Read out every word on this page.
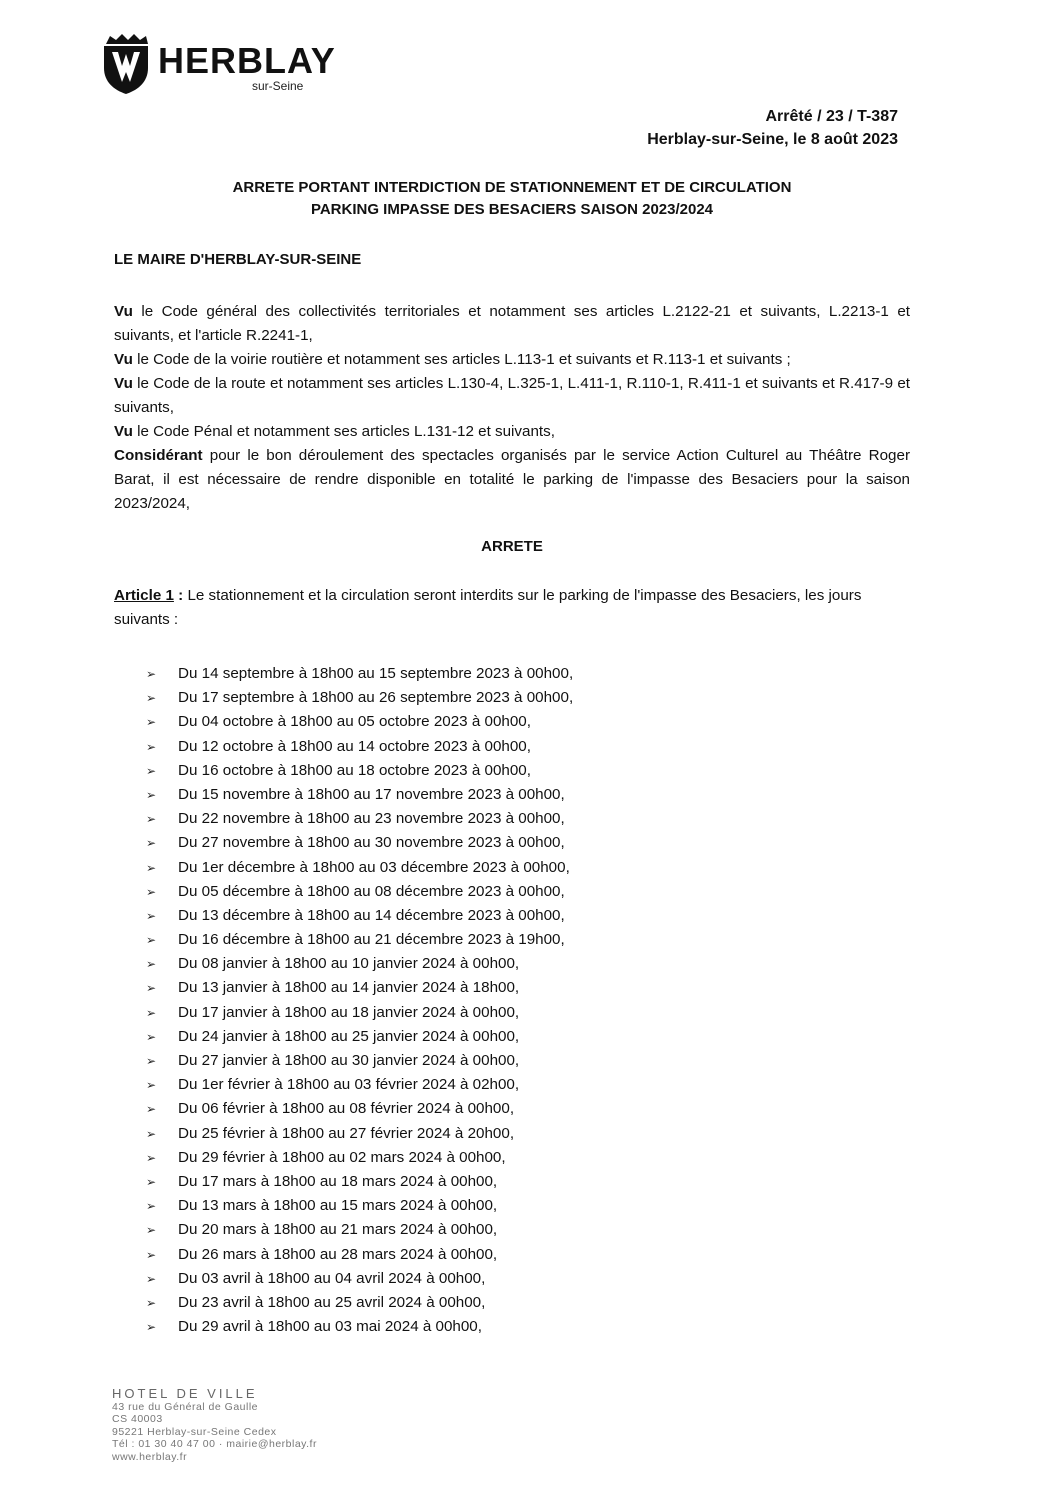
HERBLAY
sur-Seine
Arrêté / 23 / T-387
Herblay-sur-Seine, le 8 août 2023
ARRETE PORTANT INTERDICTION DE STATIONNEMENT ET DE CIRCULATION
PARKING IMPASSE DES BESACIERS SAISON 2023/2024
LE MAIRE D'HERBLAY-SUR-SEINE

Vu le Code général des collectivités territoriales et notamment ses articles L.2122-21 et suivants, L.2213-1 et suivants, et l'article R.2241-1,

Vu le Code de la voirie routière et notamment ses articles L.113-1 et suivants et R.113-1 et suivants ;

Vu le Code de la route et notamment ses articles L.130-4, L.325-1, L.411-1, R.110-1, R.411-1 et suivants et R.417-9 et suivants,

Vu le Code Pénal et notamment ses articles L.131-12 et suivants,

Considérant pour le bon déroulement des spectacles organisés par le service Action Culturel au Théâtre Roger Barat, il est nécessaire de rendre disponible en totalité le parking de l'impasse des Besaciers pour la saison 2023/2024,

ARRETE
Article 1 : Le stationnement et la circulation seront interdits sur le parking de l'impasse des Besaciers, les jours suivants :
➢ Du 14 septembre à 18h00 au 15 septembre 2023 à 00h00,
➢ Du 17 septembre à 18h00 au 26 septembre 2023 à 00h00,
➢ Du 04 octobre à 18h00 au 05 octobre 2023 à 00h00,
➢ Du 12 octobre à 18h00 au 14 octobre 2023 à 00h00,
➢ Du 16 octobre à 18h00 au 18 octobre 2023 à 00h00,
➢ Du 15 novembre à 18h00 au 17 novembre 2023 à 00h00,
➢ Du 22 novembre à 18h00 au 23 novembre 2023 à 00h00,
➢ Du 27 novembre à 18h00 au 30 novembre 2023 à 00h00,
➢ Du 1er décembre à 18h00 au 03 décembre 2023 à 00h00,
➢ Du 05 décembre à 18h00 au 08 décembre 2023 à 00h00,
➢ Du 13 décembre à 18h00 au 14 décembre 2023 à 00h00,
➢ Du 16 décembre à 18h00 au 21 décembre 2023 à 19h00,
➢ Du 08 janvier à 18h00 au 10 janvier 2024 à 00h00,
➢ Du 13 janvier à 18h00 au 14 janvier 2024 à 18h00,
➢ Du 17 janvier à 18h00 au 18 janvier 2024 à 00h00,
➢ Du 24 janvier à 18h00 au 25 janvier 2024 à 00h00,
➢ Du 27 janvier à 18h00 au 30 janvier 2024 à 00h00,
➢ Du 1er février à 18h00 au 03 février 2024 à 02h00,
➢ Du 06 février à 18h00 au 08 février 2024 à 00h00,
➢ Du 25 février à 18h00 au 27 février 2024 à 20h00,
➢ Du 29 février à 18h00 au 02 mars 2024 à 00h00,
➢ Du 17 mars à 18h00 au 18 mars 2024 à 00h00,
➢ Du 13 mars à 18h00 au 15 mars 2024 à 00h00,
➢ Du 20 mars à 18h00 au 21 mars 2024 à 00h00,
➢ Du 26 mars à 18h00 au 28 mars 2024 à 00h00,
➢ Du 03 avril à 18h00 au 04 avril 2024 à 00h00,
➢ Du 23 avril à 18h00 au 25 avril 2024 à 00h00,
➢ Du 29 avril à 18h00 au 03 mai 2024 à 00h00,
HOTEL DE VILLE
43 rue du Général de Gaulle
CS 40003
95221 Herblay-sur-Seine Cedex
Tél : 01 30 40 47 00 · mairie@herblay.fr
www.herblay.fr
